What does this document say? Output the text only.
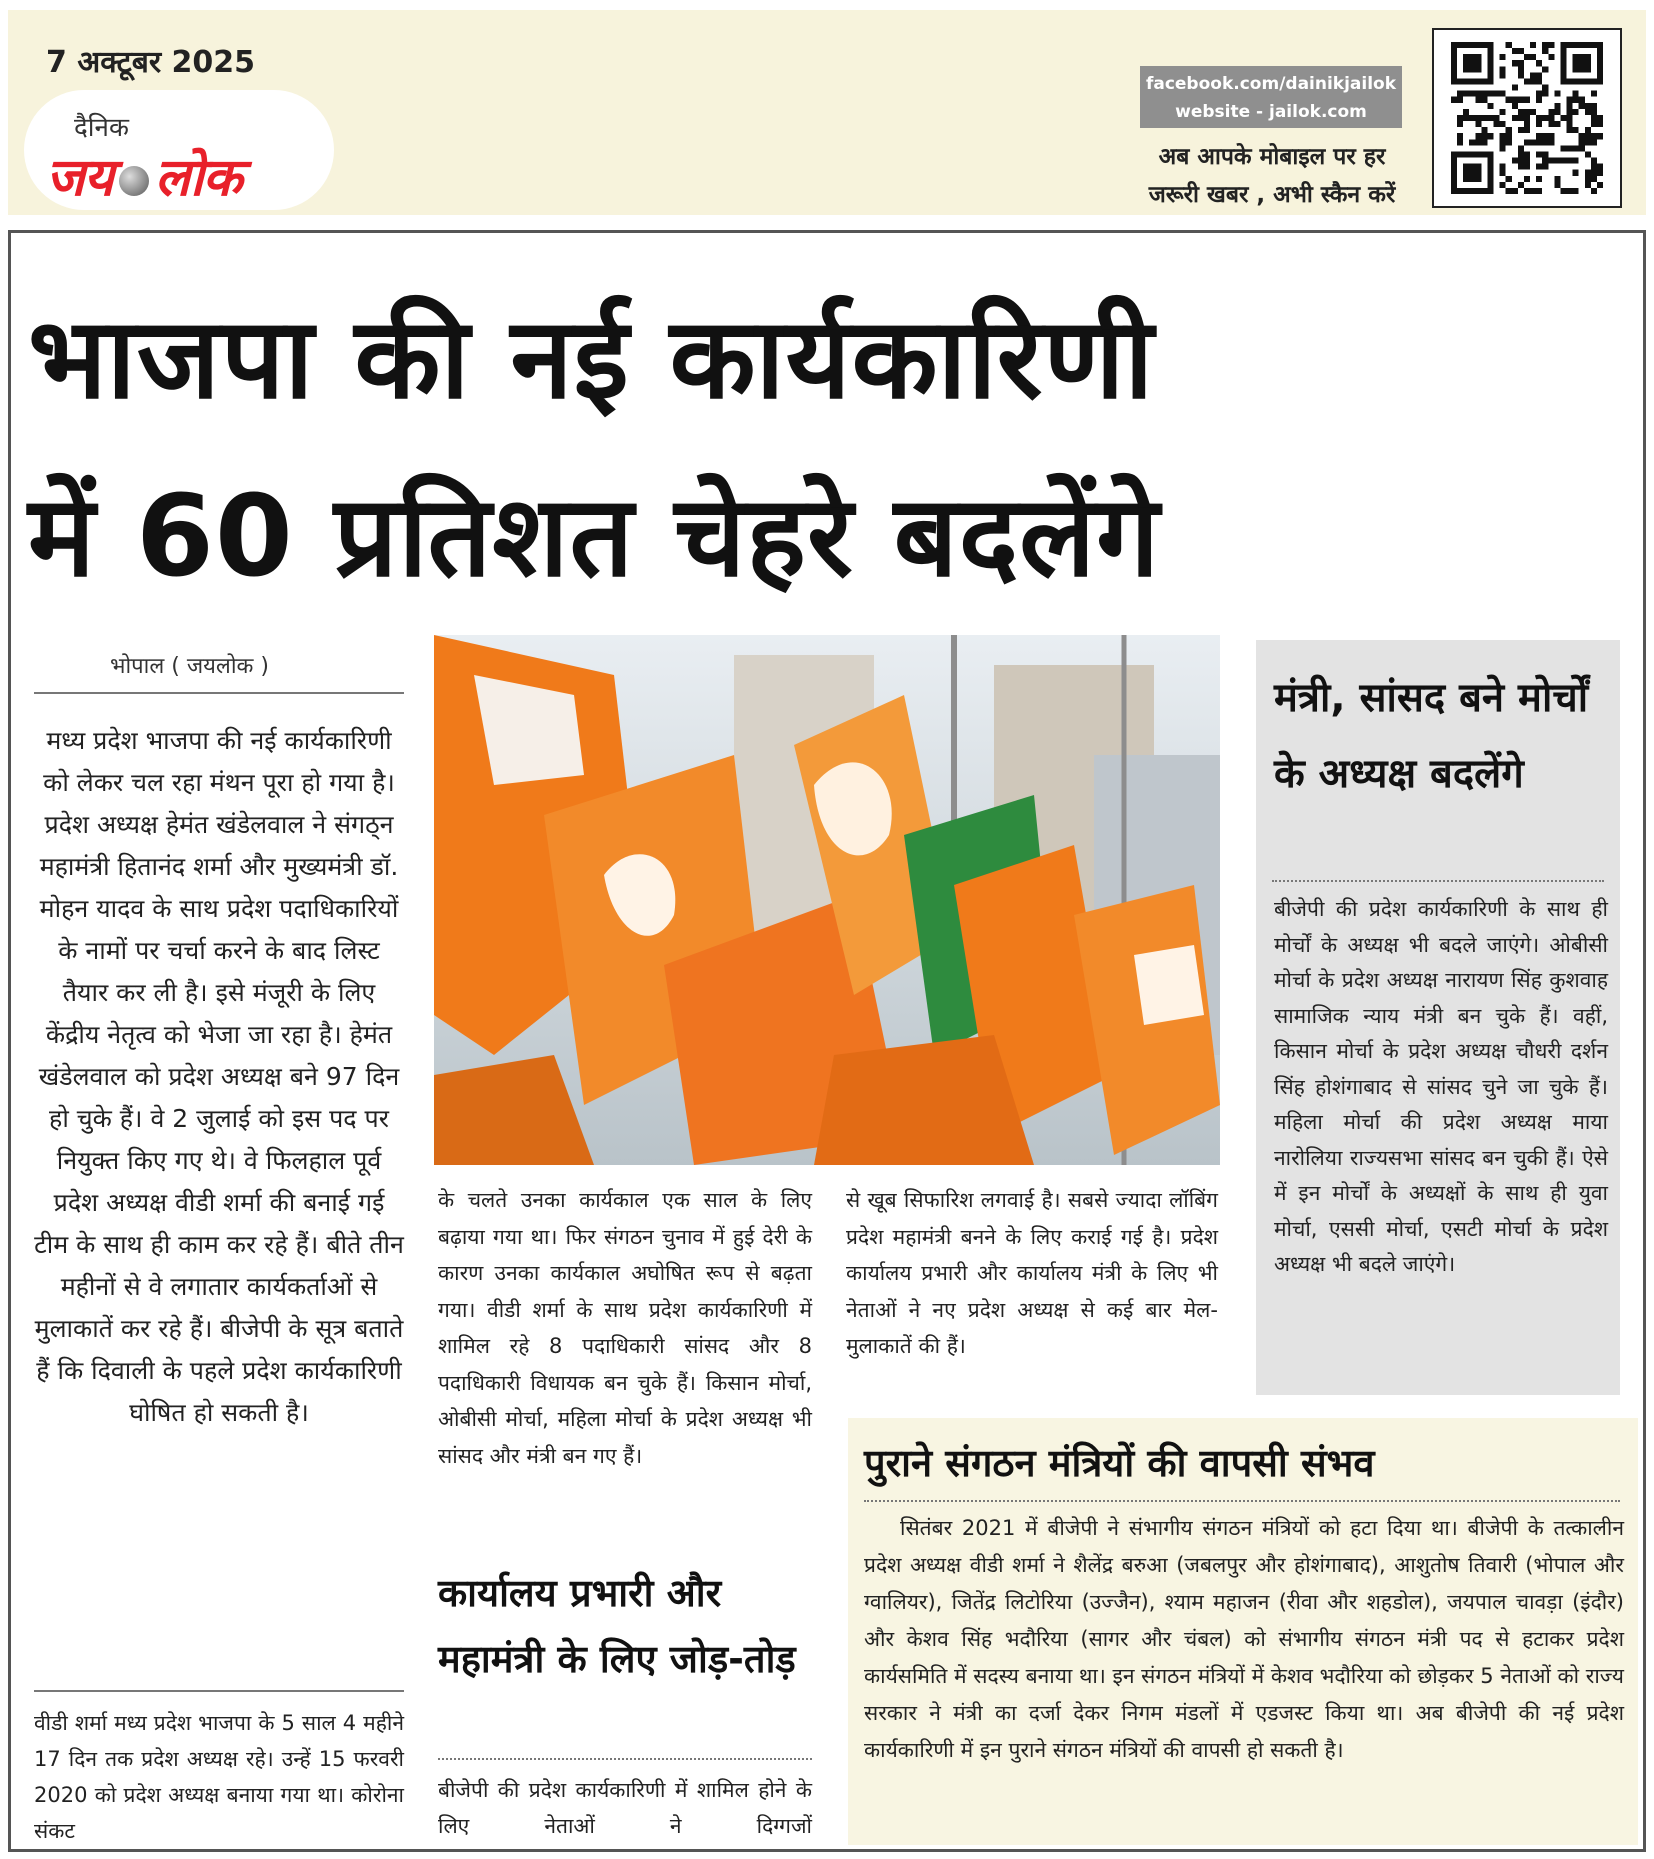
7 अक्टूबर 2025
दैनिक
जय लोक
facebook.com/dainikjailok
website - jailok.com
अब आपके मोबाइल पर हर
जरूरी खबर , अभी स्कैन करें
भाजपा की नई कार्यकारिणी
में 60 प्रतिशत चेहरे बदलेंगे
भोपाल ( जयलोक )
मध्य प्रदेश भाजपा की नई कार्यकारिणी को लेकर चल रहा मंथन पूरा हो गया है। प्रदेश अध्यक्ष हेमंत खंडेलवाल ने संगठ्न महामंत्री हितानंद शर्मा और मुख्यमंत्री डॉ. मोहन यादव के साथ प्रदेश पदाधिकारियों के नामों पर चर्चा करने के बाद लिस्ट तैयार कर ली है। इसे मंजूरी के लिए केंद्रीय नेतृत्व को भेजा जा रहा है। हेमंत खंडेलवाल को प्रदेश अध्यक्ष बने 97 दिन हो चुके हैं। वे 2 जुलाई को इस पद पर नियुक्त किए गए थे। वे फिलहाल पूर्व प्रदेश अध्यक्ष वीडी शर्मा की बनाई गई टीम के साथ ही काम कर रहे हैं। बीते तीन महीनों से वे लगातार कार्यकर्ताओं से मुलाकातें कर रहे हैं। बीजेपी के सूत्र बताते हैं कि दिवाली के पहले प्रदेश कार्यकारिणी घोषित हो सकती है।
वीडी शर्मा मध्य प्रदेश भाजपा के 5 साल 4 महीने 17 दिन तक प्रदेश अध्यक्ष रहे। उन्हें 15 फरवरी 2020 को प्रदेश अध्यक्ष बनाया गया था। कोरोना संकट
के चलते उनका कार्यकाल एक साल के लिए बढ़ाया गया था। फिर संगठन चुनाव में हुई देरी के कारण उनका कार्यकाल अघोषित रूप से बढ़ता गया। वीडी शर्मा के साथ प्रदेश कार्यकारिणी में शामिल रहे 8 पदाधिकारी सांसद और 8 पदाधिकारी विधायक बन चुके हैं। किसान मोर्चा, ओबीसी मोर्चा, महिला मोर्चा के प्रदेश अध्यक्ष भी सांसद और मंत्री बन गए हैं।
से खूब सिफारिश लगवाई है। सबसे ज्यादा लॉबिंग प्रदेश महामंत्री बनने के लिए कराई गई है। प्रदेश कार्यालय प्रभारी और कार्यालय मंत्री के लिए भी नेताओं ने नए प्रदेश अध्यक्ष से कई बार मेल-मुलाकातें की हैं।
कार्यालय प्रभारी और महामंत्री के लिए जोड़-तोड़
बीजेपी की प्रदेश कार्यकारिणी में शामिल होने के लिए नेताओं ने दिग्गजों
मंत्री, सांसद बने मोर्चों के अध्यक्ष बदलेंगे
बीजेपी की प्रदेश कार्यकारिणी के साथ ही मोर्चों के अध्यक्ष भी बदले जाएंगे। ओबीसी मोर्चा के प्रदेश अध्यक्ष नारायण सिंह कुशवाह सामाजिक न्याय मंत्री बन चुके हैं। वहीं, किसान मोर्चा के प्रदेश अध्यक्ष चौधरी दर्शन सिंह होशंगाबाद से सांसद चुने जा चुके हैं। महिला मोर्चा की प्रदेश अध्यक्ष माया नारोलिया राज्यसभा सांसद बन चुकी हैं। ऐसे में इन मोर्चों के अध्यक्षों के साथ ही युवा मोर्चा, एससी मोर्चा, एसटी मोर्चा के प्रदेश अध्यक्ष भी बदले जाएंगे।
पुराने संगठन मंत्रियों की वापसी संभव
सितंबर 2021 में बीजेपी ने संभागीय संगठन मंत्रियों को हटा दिया था। बीजेपी के तत्कालीन प्रदेश अध्यक्ष वीडी शर्मा ने शैलेंद्र बरुआ (जबलपुर और होशंगाबाद), आशुतोष तिवारी (भोपाल और ग्वालियर), जितेंद्र लिटोरिया (उज्जैन), श्याम महाजन (रीवा और शहडोल), जयपाल चावड़ा (इंदौर) और केशव सिंह भदौरिया (सागर और चंबल) को संभागीय संगठन मंत्री पद से हटाकर प्रदेश कार्यसमिति में सदस्य बनाया था। इन संगठन मंत्रियों में केशव भदौरिया को छोड़कर 5 नेताओं को राज्य सरकार ने मंत्री का दर्जा देकर निगम मंडलों में एडजस्ट किया था। अब बीजेपी की नई प्रदेश कार्यकारिणी में इन पुराने संगठन मंत्रियों की वापसी हो सकती है।
